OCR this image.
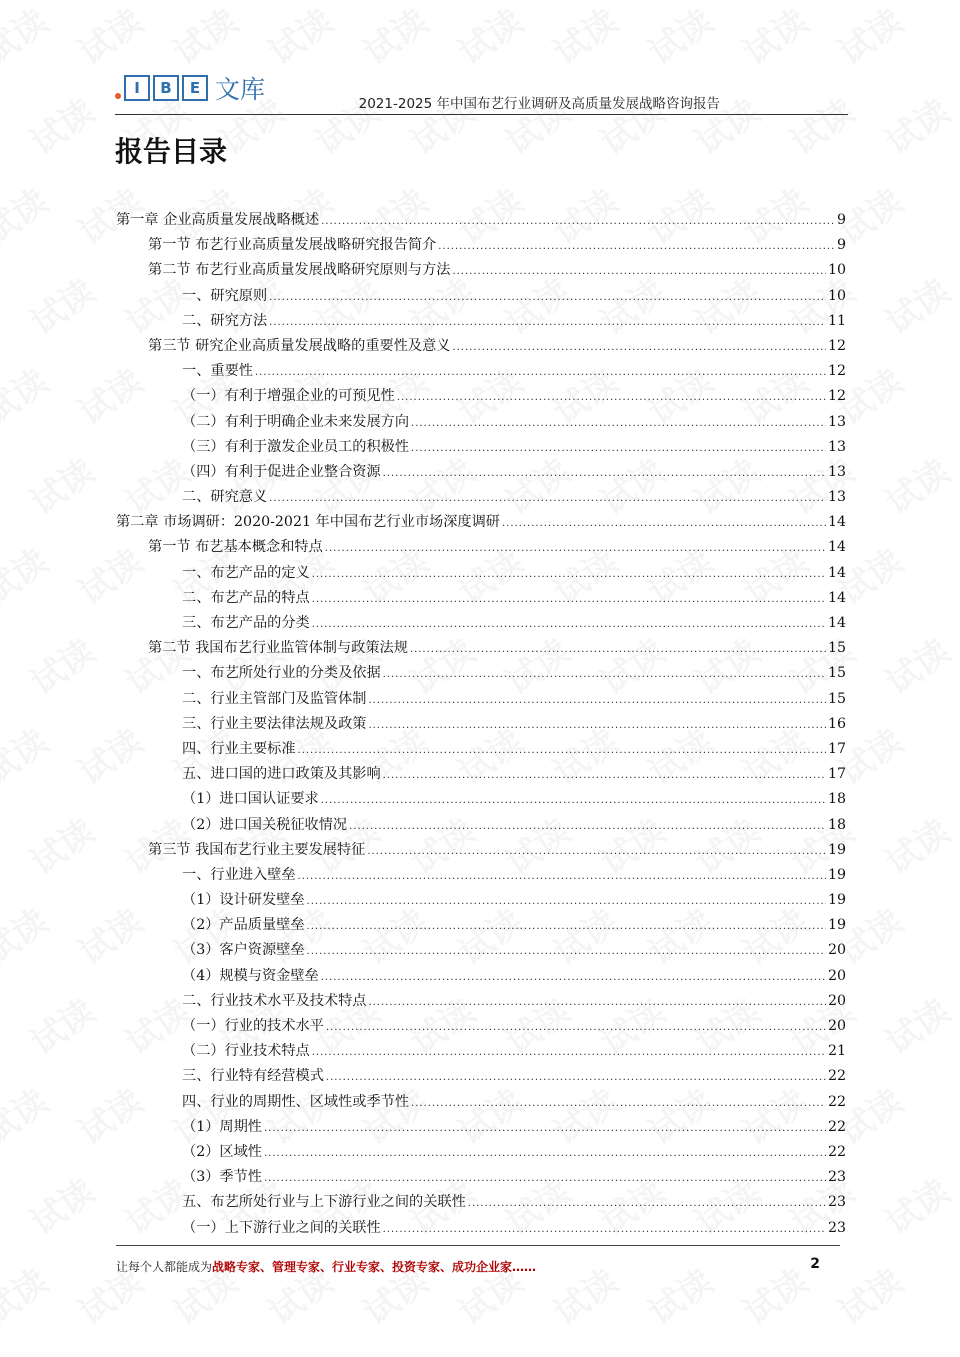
I	B	E 文库	2021-2025 年中国布艺行业调研及高质量发展战略咨询报告
报告目录
第一章 企业高质量发展战略概述 .....	9
第一节 布艺行业高质量发展战略研究报告简介 .....	9
第二节 布艺行业高质量发展战略研究原则与方法 .....	10
一、研究原则 .....	10
二、研究方法 .....	11
第三节 研究企业高质量发展战略的重要性及意义 .....	12
一、重要性 .....	12
（一）有利于增强企业的可预见性 .....	12
（二）有利于明确企业未来发展方向 .....	13
（三）有利于激发企业员工的积极性 .....	13
（四）有利于促进企业整合资源 .....	13
二、研究意义 .....	13
第二章 市场调研：2020-2021 年中国布艺行业市场深度调研 .....	14
第一节 布艺基本概念和特点 .....	14
一、布艺产品的定义 .....	14
二、布艺产品的特点 .....	14
三、布艺产品的分类 .....	14
第二节 我国布艺行业监管体制与政策法规 .....	15
一、布艺所处行业的分类及依据 .....	15
二、行业主管部门及监管体制 .....	15
三、行业主要法律法规及政策 .....	16
四、行业主要标准 .....	17
五、进口国的进口政策及其影响 .....	17
（1）进口国认证要求 .....	18
（2）进口国关税征收情况 .....	18
第三节 我国布艺行业主要发展特征 .....	19
一、行业进入壁垒 .....	19
（1）设计研发壁垒 .....	19
（2）产品质量壁垒 .....	19
（3）客户资源壁垒 .....	20
（4）规模与资金壁垒 .....	20
二、行业技术水平及技术特点 .....	20
（一）行业的技术水平 .....	20
（二）行业技术特点 .....	21
三、行业特有经营模式 .....	22
四、行业的周期性、区域性或季节性 .....	22
（1）周期性 .....	22
（2）区域性 .....	22
（3）季节性 .....	23
五、布艺所处行业与上下游行业之间的关联性 .....	23
（一）上下游行业之间的关联性 .....	23
让每个人都能成为战略专家、管理专家、行业专家、投资专家、成功企业家……	2
